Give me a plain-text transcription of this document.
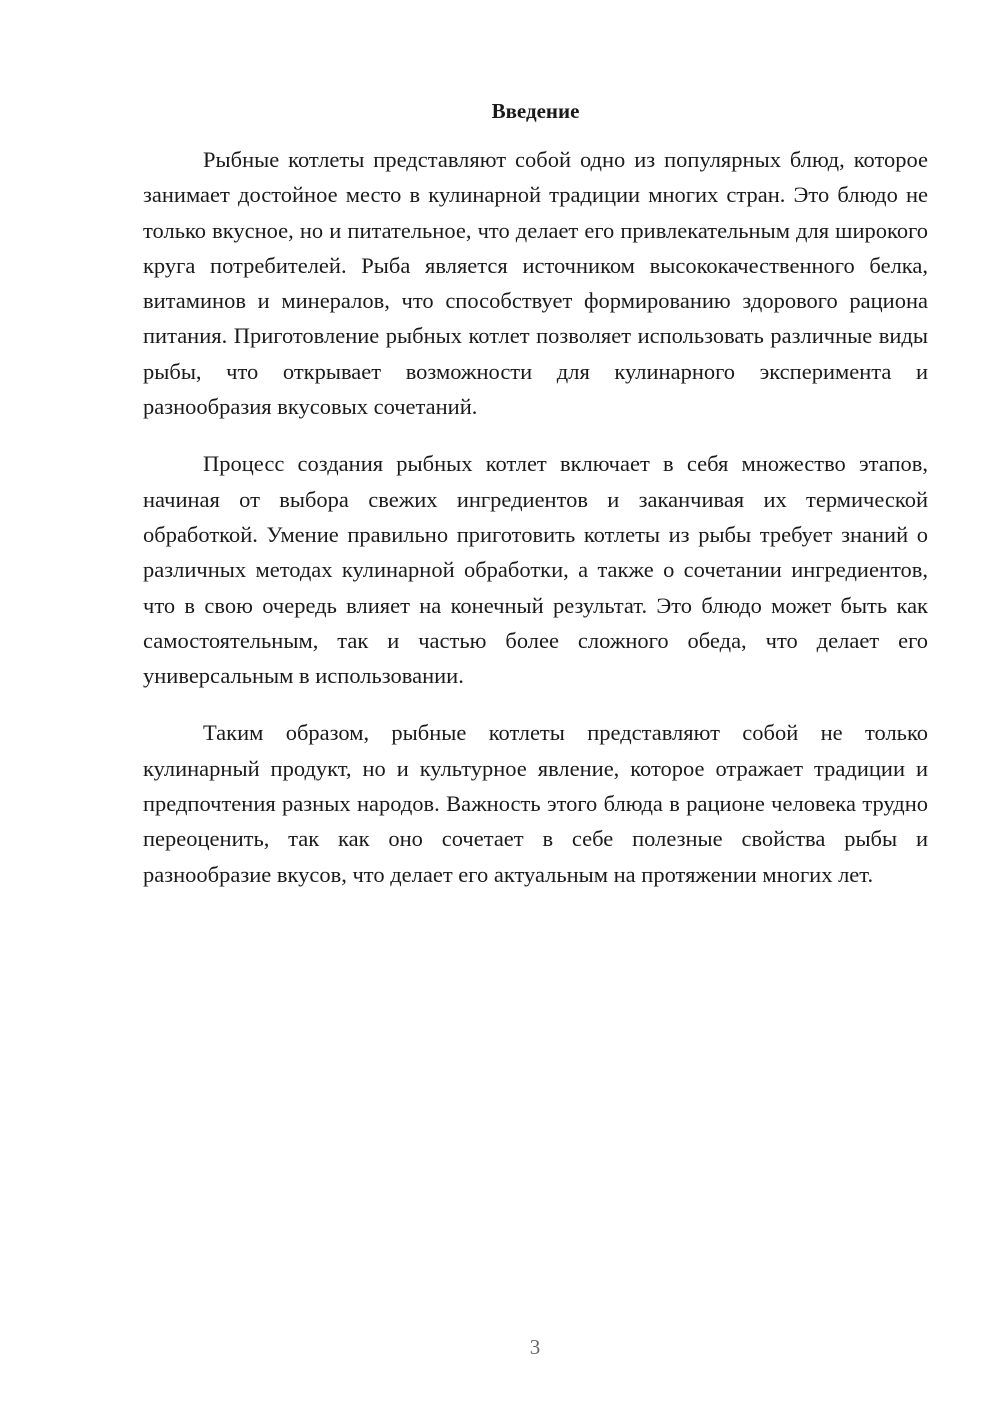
Введение

Рыбные котлеты представляют собой одно из популярных блюд, которое занимает достойное место в кулинарной традиции многих стран. Это блюдо не только вкусное, но и питательное, что делает его привлекательным для широкого круга потребителей. Рыба является источником высококачественного белка, витаминов и минералов, что способствует формированию здорового рациона питания. Приготовление рыбных котлет позволяет использовать различные виды рыбы, что открывает возможности для кулинарного эксперимента и разнообразия вкусовых сочетаний.

Процесс создания рыбных котлет включает в себя множество этапов, начиная от выбора свежих ингредиентов и заканчивая их термической обработкой. Умение правильно приготовить котлеты из рыбы требует знаний о различных методах кулинарной обработки, а также о сочетании ингредиентов, что в свою очередь влияет на конечный результат. Это блюдо может быть как самостоятельным, так и частью более сложного обеда, что делает его универсальным в использовании.

Таким образом, рыбные котлеты представляют собой не только кулинарный продукт, но и культурное явление, которое отражает традиции и предпочтения разных народов. Важность этого блюда в рационе человека трудно переоценить, так как оно сочетает в себе полезные свойства рыбы и разнообразие вкусов, что делает его актуальным на протяжении многих лет.

3
